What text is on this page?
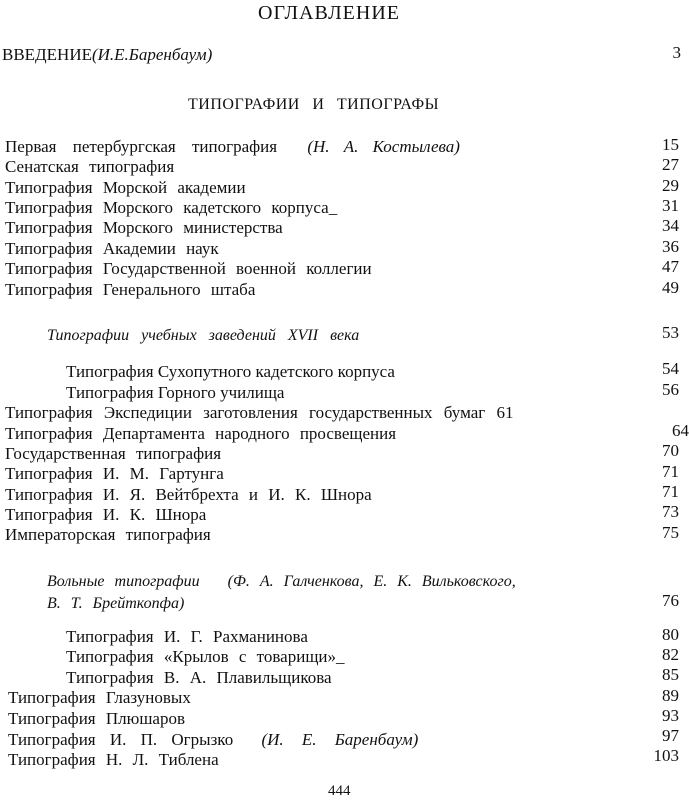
ОГЛАВЛЕНИЕ
ВВЕДЕНИЕ(И.Е.Баренбаум)	3
ТИПОГРАФИИ И ТИПОГРАФЫ
Первая петербургская типография (Н. А. Костылева)	15
Сенатская типография	27
Типография Морской академии	29
Типография Морского кадетского корпуса_	31
Типография Морского министерства	34
Типография Академии наук	36
Типография Государственной военной коллегии	47
Типография Генерального штаба	49
Типографии учебных заведений XVII века	53
Типография Сухопутного кадетского корпуса	54
Типография Горного училища	56
Типография Экспедиции заготовления государственных бумаг 61
Типография Департамента народного просвещения	64
Государственная типография	70
Типография И. М. Гартунга	71
Типография И. Я. Вейтбрехта и И. К. Шнора	71
Типография И. К. Шнора	73
Императорская типография	75
Вольные типографии (Ф. А. Галченкова, Е. К. Вильковского,
В. Т. Брейткопфа)	76
Типография И. Г. Рахманинова	80
Типография «Крылов с товарищи»_	82
Типография В. А. Плавильщикова	85
Типография Глазуновых	89
Типография Плюшаров	93
Типография И. П. Огрызко (И. Е. Баренбаум)	97
Типография Н. Л. Тиблена	103
444
